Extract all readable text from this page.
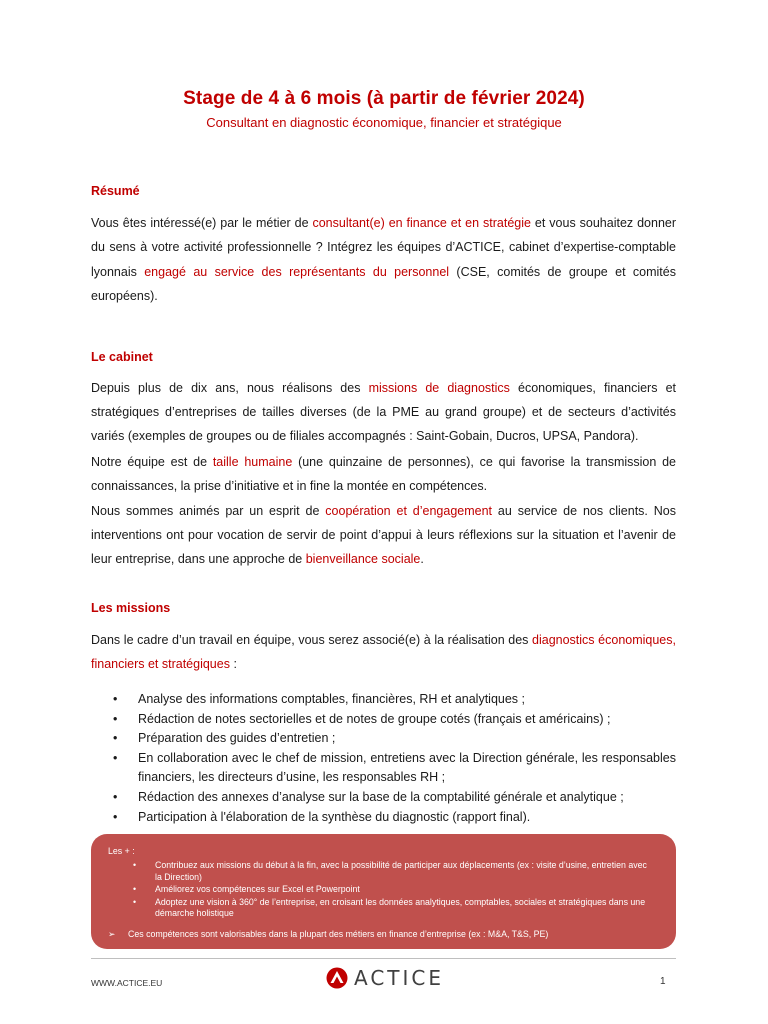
Stage de 4 à 6 mois (à partir de février 2024)
Consultant en diagnostic économique, financier et stratégique
Résumé

Vous êtes intéressé(e) par le métier de consultant(e) en finance et en stratégie et vous souhaitez donner du sens à votre activité professionnelle ? Intégrez les équipes d’ACTICE, cabinet d’expertise-comptable lyonnais engagé au service des représentants du personnel (CSE, comités de groupe et comités européens).

Le cabinet

Depuis plus de dix ans, nous réalisons des missions de diagnostics économiques, financiers et stratégiques d’entreprises de tailles diverses (de la PME au grand groupe) et de secteurs d’activités variés (exemples de groupes ou de filiales accompagnés : Saint-Gobain, Ducros, UPSA, Pandora).

Notre équipe est de taille humaine (une quinzaine de personnes), ce qui favorise la transmission de connaissances, la prise d’initiative et in fine la montée en compétences.

Nous sommes animés par un esprit de coopération et d’engagement au service de nos clients. Nos interventions ont pour vocation de servir de point d’appui à leurs réflexions sur la situation et l’avenir de leur entreprise, dans une approche de bienveillance sociale.

Les missions

Dans le cadre d’un travail en équipe, vous serez associé(e) à la réalisation des diagnostics économiques, financiers et stratégiques :

• Analyse des informations comptables, financières, RH et analytiques ;
• Rédaction de notes sectorielles et de notes de groupe cotés (français et américains) ;
• Préparation des guides d’entretien ;
• En collaboration avec le chef de mission, entretiens avec la Direction générale, les responsables financiers, les directeurs d’usine, les responsables RH ;
• Rédaction des annexes d’analyse sur la base de la comptabilité générale et analytique ;
• Participation à l'élaboration de la synthèse du diagnostic (rapport final).
Les + :
• Contribuez aux missions du début à la fin, avec la possibilité de participer aux déplacements (ex : visite d’usine, entretien avec la Direction)
• Améliorez vos compétences sur Excel et Powerpoint
• Adoptez une vision à 360° de l’entreprise, en croisant les données analytiques, comptables, sociales et stratégiques dans une démarche holistique
➢ Ces compétences sont valorisables dans la plupart des métiers en finance d’entreprise (ex : M&A, T&S, PE)
WWW.ACTICE.EU	ACTICE	1
